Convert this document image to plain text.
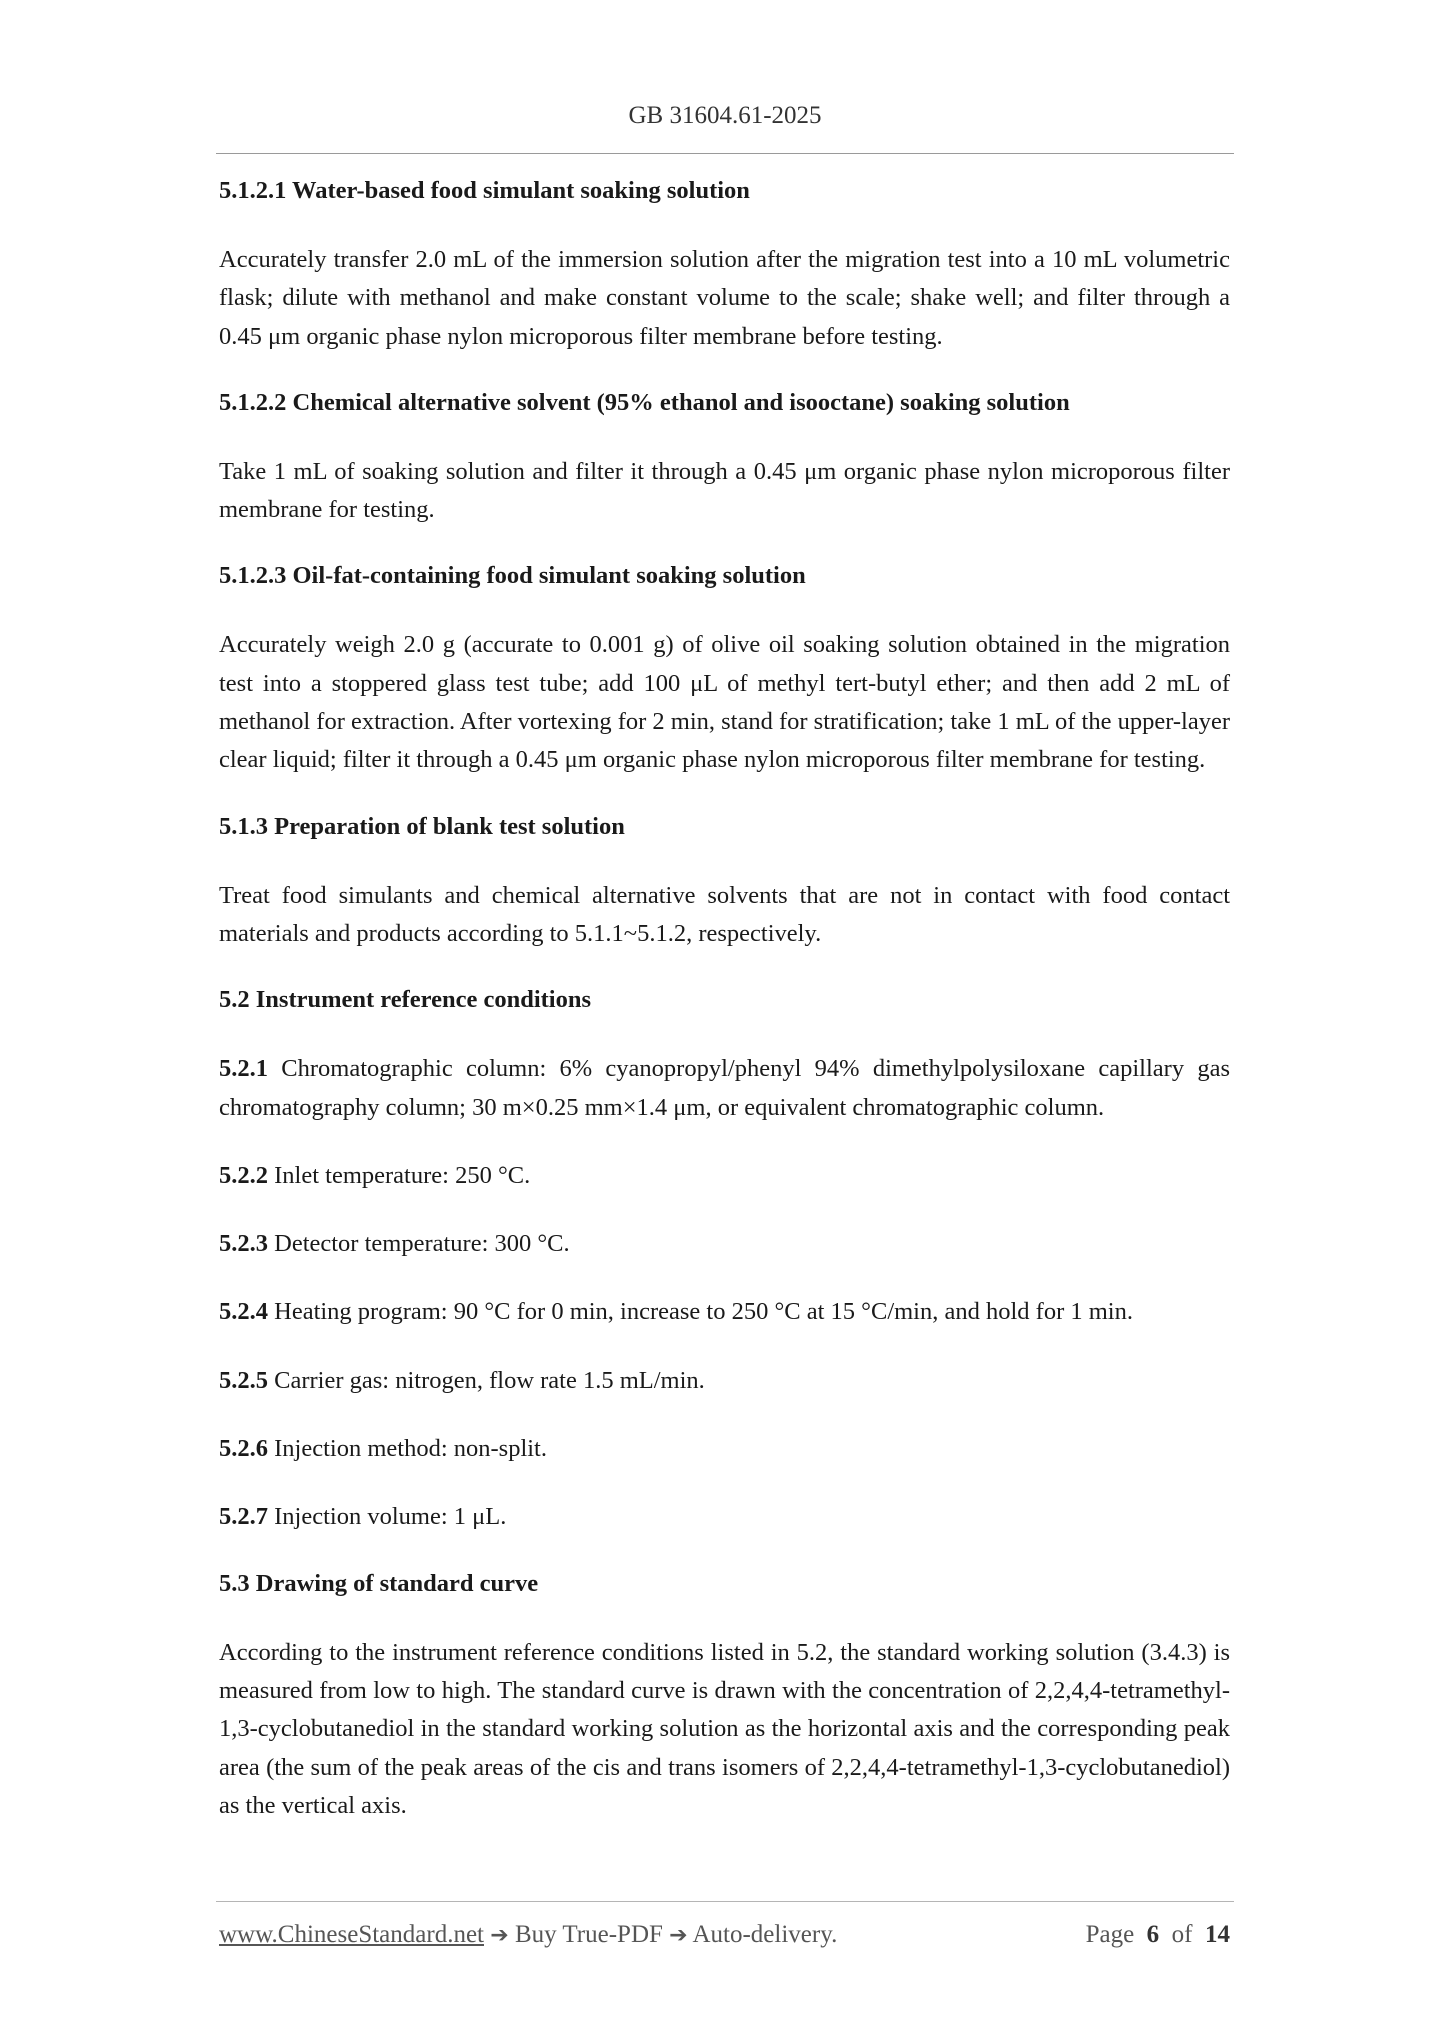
GB 31604.61-2025
5.1.2.1 Water-based food simulant soaking solution
Accurately transfer 2.0 mL of the immersion solution after the migration test into a 10 mL volumetric flask; dilute with methanol and make constant volume to the scale; shake well; and filter through a 0.45 μm organic phase nylon microporous filter membrane before testing.
5.1.2.2 Chemical alternative solvent (95% ethanol and isooctane) soaking solution
Take 1 mL of soaking solution and filter it through a 0.45 μm organic phase nylon microporous filter membrane for testing.
5.1.2.3 Oil-fat-containing food simulant soaking solution
Accurately weigh 2.0 g (accurate to 0.001 g) of olive oil soaking solution obtained in the migration test into a stoppered glass test tube; add 100 μL of methyl tert-butyl ether; and then add 2 mL of methanol for extraction. After vortexing for 2 min, stand for stratification; take 1 mL of the upper-layer clear liquid; filter it through a 0.45 μm organic phase nylon microporous filter membrane for testing.
5.1.3 Preparation of blank test solution
Treat food simulants and chemical alternative solvents that are not in contact with food contact materials and products according to 5.1.1~5.1.2, respectively.
5.2 Instrument reference conditions
5.2.1 Chromatographic column: 6% cyanopropyl/phenyl 94% dimethylpolysiloxane capillary gas chromatography column; 30 m×0.25 mm×1.4 μm, or equivalent chromatographic column.
5.2.2 Inlet temperature: 250 °C.
5.2.3 Detector temperature: 300 °C.
5.2.4 Heating program: 90 °C for 0 min, increase to 250 °C at 15 °C/min, and hold for 1 min.
5.2.5 Carrier gas: nitrogen, flow rate 1.5 mL/min.
5.2.6 Injection method: non-split.
5.2.7 Injection volume: 1 μL.
5.3 Drawing of standard curve
According to the instrument reference conditions listed in 5.2, the standard working solution (3.4.3) is measured from low to high. The standard curve is drawn with the concentration of 2,2,4,4-tetramethyl-1,3-cyclobutanediol in the standard working solution as the horizontal axis and the corresponding peak area (the sum of the peak areas of the cis and trans isomers of 2,2,4,4-tetramethyl-1,3-cyclobutanediol) as the vertical axis.
www.ChineseStandard.net ➔ Buy True-PDF ➔ Auto-delivery.	Page 6 of 14
